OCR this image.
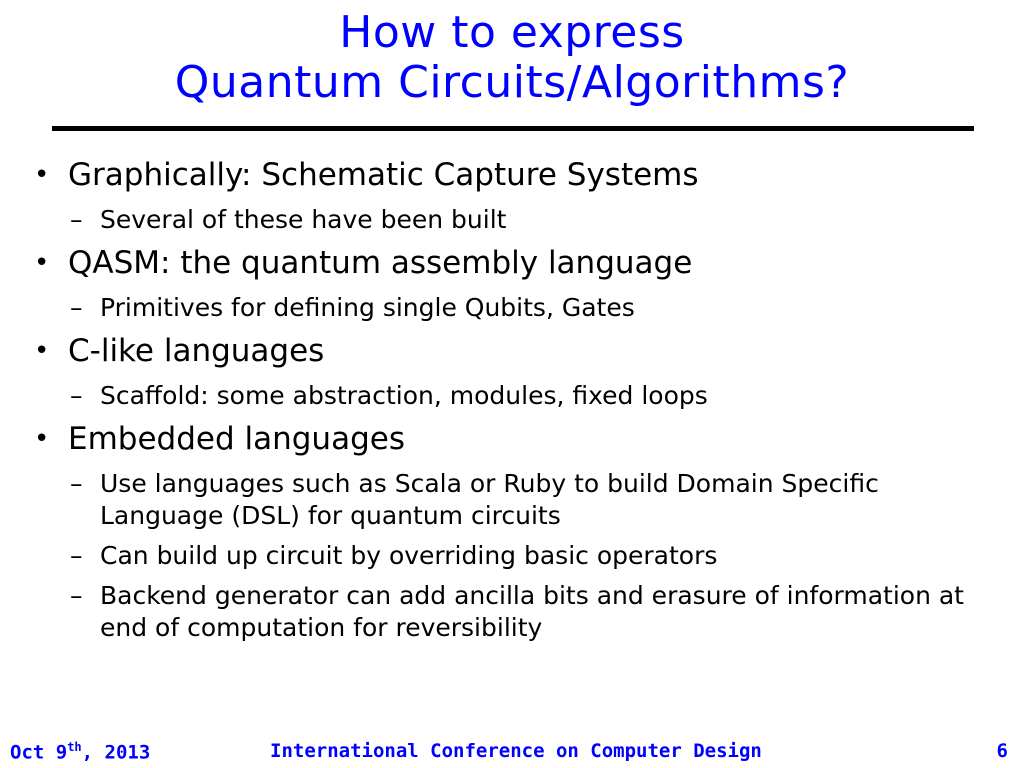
How to express
Quantum Circuits/Algorithms?
• Graphically: Schematic Capture Systems
– Several of these have been built
• QASM: the quantum assembly language
– Primitives for defining single Qubits, Gates
• C-like languages
– Scaffold: some abstraction, modules, fixed loops
• Embedded languages
– Use languages such as Scala or Ruby to build Domain Specific Language (DSL) for quantum circuits
– Can build up circuit by overriding basic operators
– Backend generator can add ancilla bits and erasure of information at end of computation for reversibility
Oct 9th, 2013	International Conference on Computer Design	6
